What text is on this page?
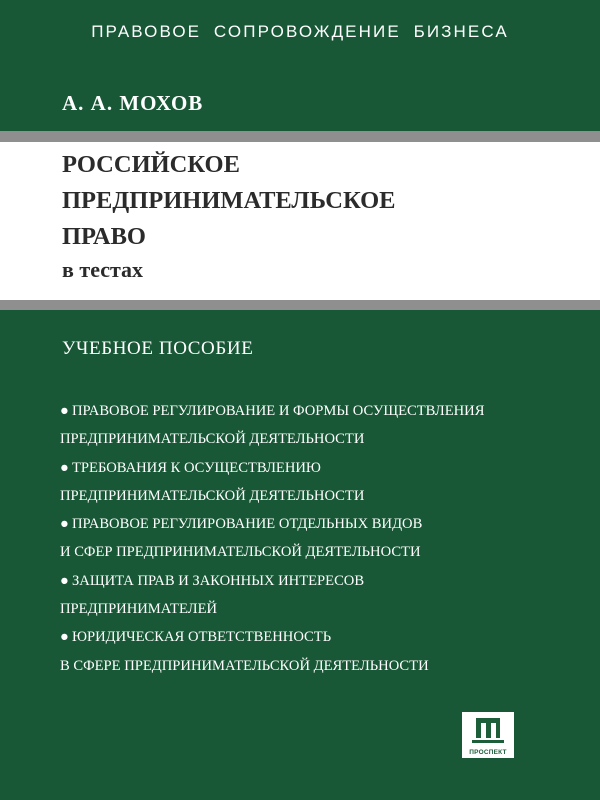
ПРАВОВОЕ СОПРОВОЖДЕНИЕ БИЗНЕСА
А. А. МОХОВ
РОССИЙСКОЕ
ПРЕДПРИНИМАТЕЛЬСКОЕ
ПРАВО
в тестах
УЧЕБНОЕ ПОСОБИЕ
● ПРАВОВОЕ РЕГУЛИРОВАНИЕ И ФОРМЫ ОСУЩЕСТВЛЕНИЯ
ПРЕДПРИНИМАТЕЛЬСКОЙ ДЕЯТЕЛЬНОСТИ
● ТРЕБОВАНИЯ К ОСУЩЕСТВЛЕНИЮ
ПРЕДПРИНИМАТЕЛЬСКОЙ ДЕЯТЕЛЬНОСТИ
● ПРАВОВОЕ РЕГУЛИРОВАНИЕ ОТДЕЛЬНЫХ ВИДОВ
И СФЕР ПРЕДПРИНИМАТЕЛЬСКОЙ ДЕЯТЕЛЬНОСТИ
● ЗАЩИТА ПРАВ И ЗАКОННЫХ ИНТЕРЕСОВ
ПРЕДПРИНИМАТЕЛЕЙ
● ЮРИДИЧЕСКАЯ ОТВЕТСТВЕННОСТЬ
В СФЕРЕ ПРЕДПРИНИМАТЕЛЬСКОЙ ДЕЯТЕЛЬНОСТИ
ПРОСПЕКТ
